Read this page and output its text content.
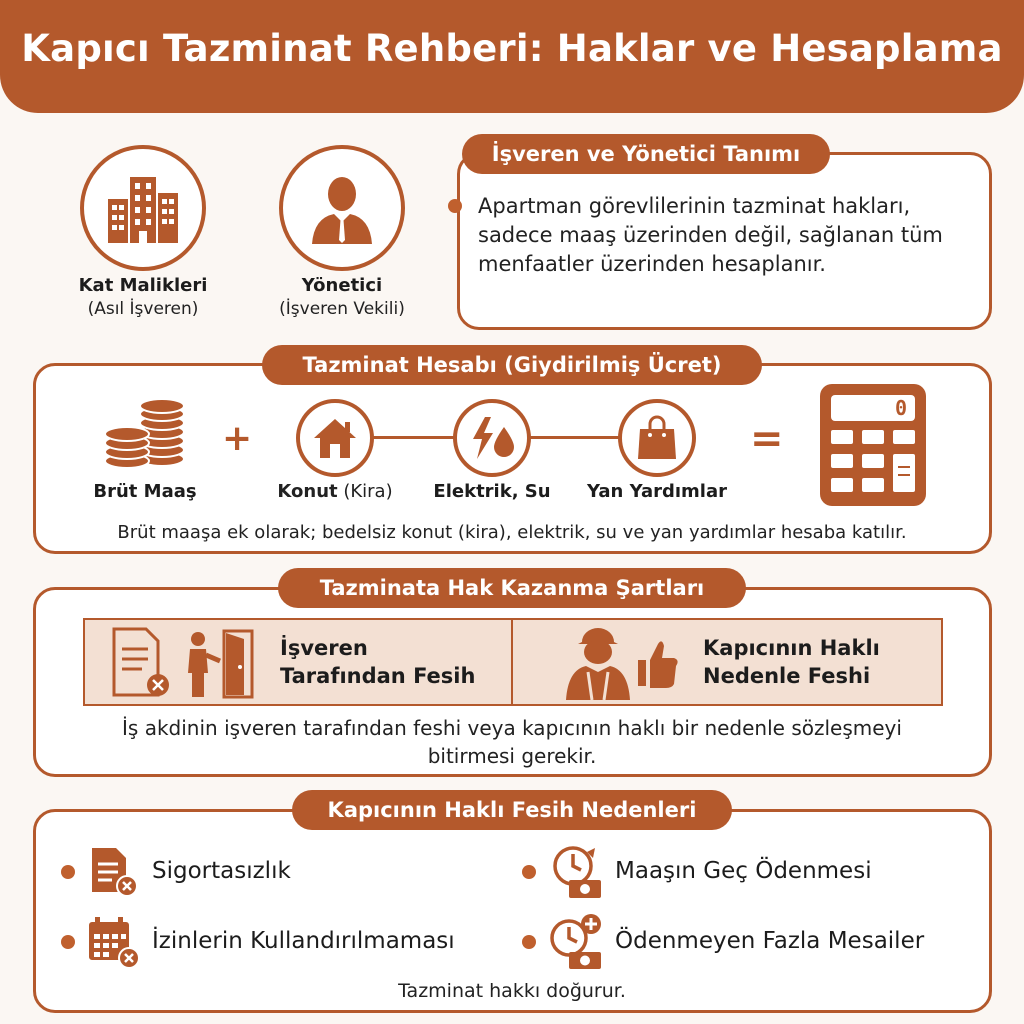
Kapıcı Tazminat Rehberi: Haklar ve Hesaplama
Kat Malikleri
(Asıl İşveren)
Yönetici
(İşveren Vekili)
İşveren ve Yönetici Tanımı
Apartman görevlilerinin tazminat hakları, sadece maaş üzerinden değil, sağlanan tüm menfaatler üzerinden hesaplanır.
Tazminat Hesabı (Giydirilmiş Ücret)
Brüt Maaş
+
Konut (Kira)	Elektrik, Su	Yan Yardımlar
=
0
Brüt maaşa ek olarak; bedelsiz konut (kira), elektrik, su ve yan yardımlar hesaba katılır.
Tazminata Hak Kazanma Şartları
İşveren
Tarafından Fesih
Kapıcının Haklı
Nedenle Feshi
İş akdinin işveren tarafından feshi veya kapıcının haklı bir nedenle sözleşmeyi
bitirmesi gerekir.
Kapıcının Haklı Fesih Nedenleri
Sigortasızlık	Maaşın Geç Ödenmesi
İzinlerin Kullandırılmaması	Ödenmeyen Fazla Mesailer
Tazminat hakkı doğurur.
